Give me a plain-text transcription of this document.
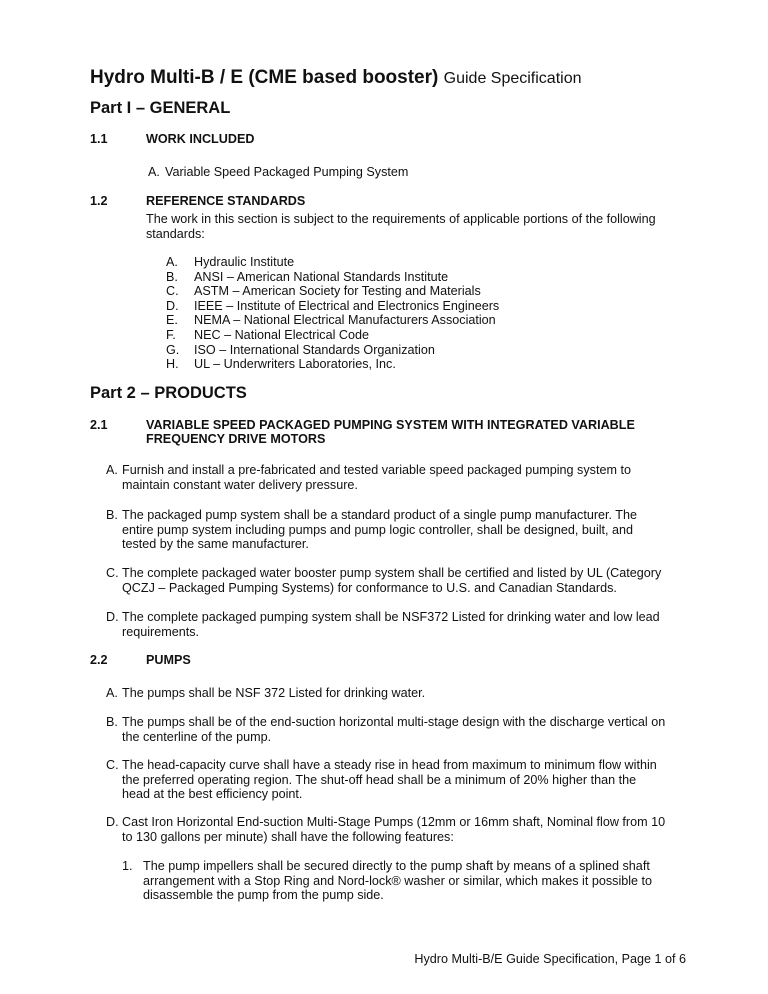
Hydro Multi-B / E (CME based booster) Guide Specification
Part I – GENERAL
1.1	WORK INCLUDED
A. Variable Speed Packaged Pumping System
1.2	REFERENCE STANDARDS
The work in this section is subject to the requirements of applicable portions of the following
standards:
A. Hydraulic Institute
B. ANSI – American National Standards Institute
C. ASTM – American Society for Testing and Materials
D. IEEE – Institute of Electrical and Electronics Engineers
E. NEMA – National Electrical Manufacturers Association
F. NEC – National Electrical Code
G. ISO – International Standards Organization
H. UL – Underwriters Laboratories, Inc.
Part 2 – PRODUCTS
2.1	VARIABLE SPEED PACKAGED PUMPING SYSTEM WITH INTEGRATED VARIABLE
FREQUENCY DRIVE MOTORS
2.2	PUMPS
A. Furnish and install a pre-fabricated and tested variable speed packaged pumping system to
maintain constant water delivery pressure.
B. The packaged pump system shall be a standard product of a single pump manufacturer. The
entire pump system including pumps and pump logic controller, shall be designed, built, and
tested by the same manufacturer.
C. The complete packaged water booster pump system shall be certified and listed by UL (Category
QCZJ – Packaged Pumping Systems) for conformance to U.S. and Canadian Standards.
D. The complete packaged pumping system shall be NSF372 Listed for drinking water and low lead
requirements.
A. The pumps shall be NSF 372 Listed for drinking water.
B. The pumps shall be of the end-suction horizontal multi-stage design with the discharge vertical on
the centerline of the pump.
C. The head-capacity curve shall have a steady rise in head from maximum to minimum flow within
the preferred operating region. The shut-off head shall be a minimum of 20% higher than the
head at the best efficiency point.
D. Cast Iron Horizontal End-suction Multi-Stage Pumps (12mm or 16mm shaft, Nominal flow from 10
to 130 gallons per minute) shall have the following features:
1. The pump impellers shall be secured directly to the pump shaft by means of a splined shaft
arrangement with a Stop Ring and Nord-lock® washer or similar, which makes it possible to
disassemble the pump from the pump side.
Hydro Multi-B/E Guide Specification, Page 1 of 6
